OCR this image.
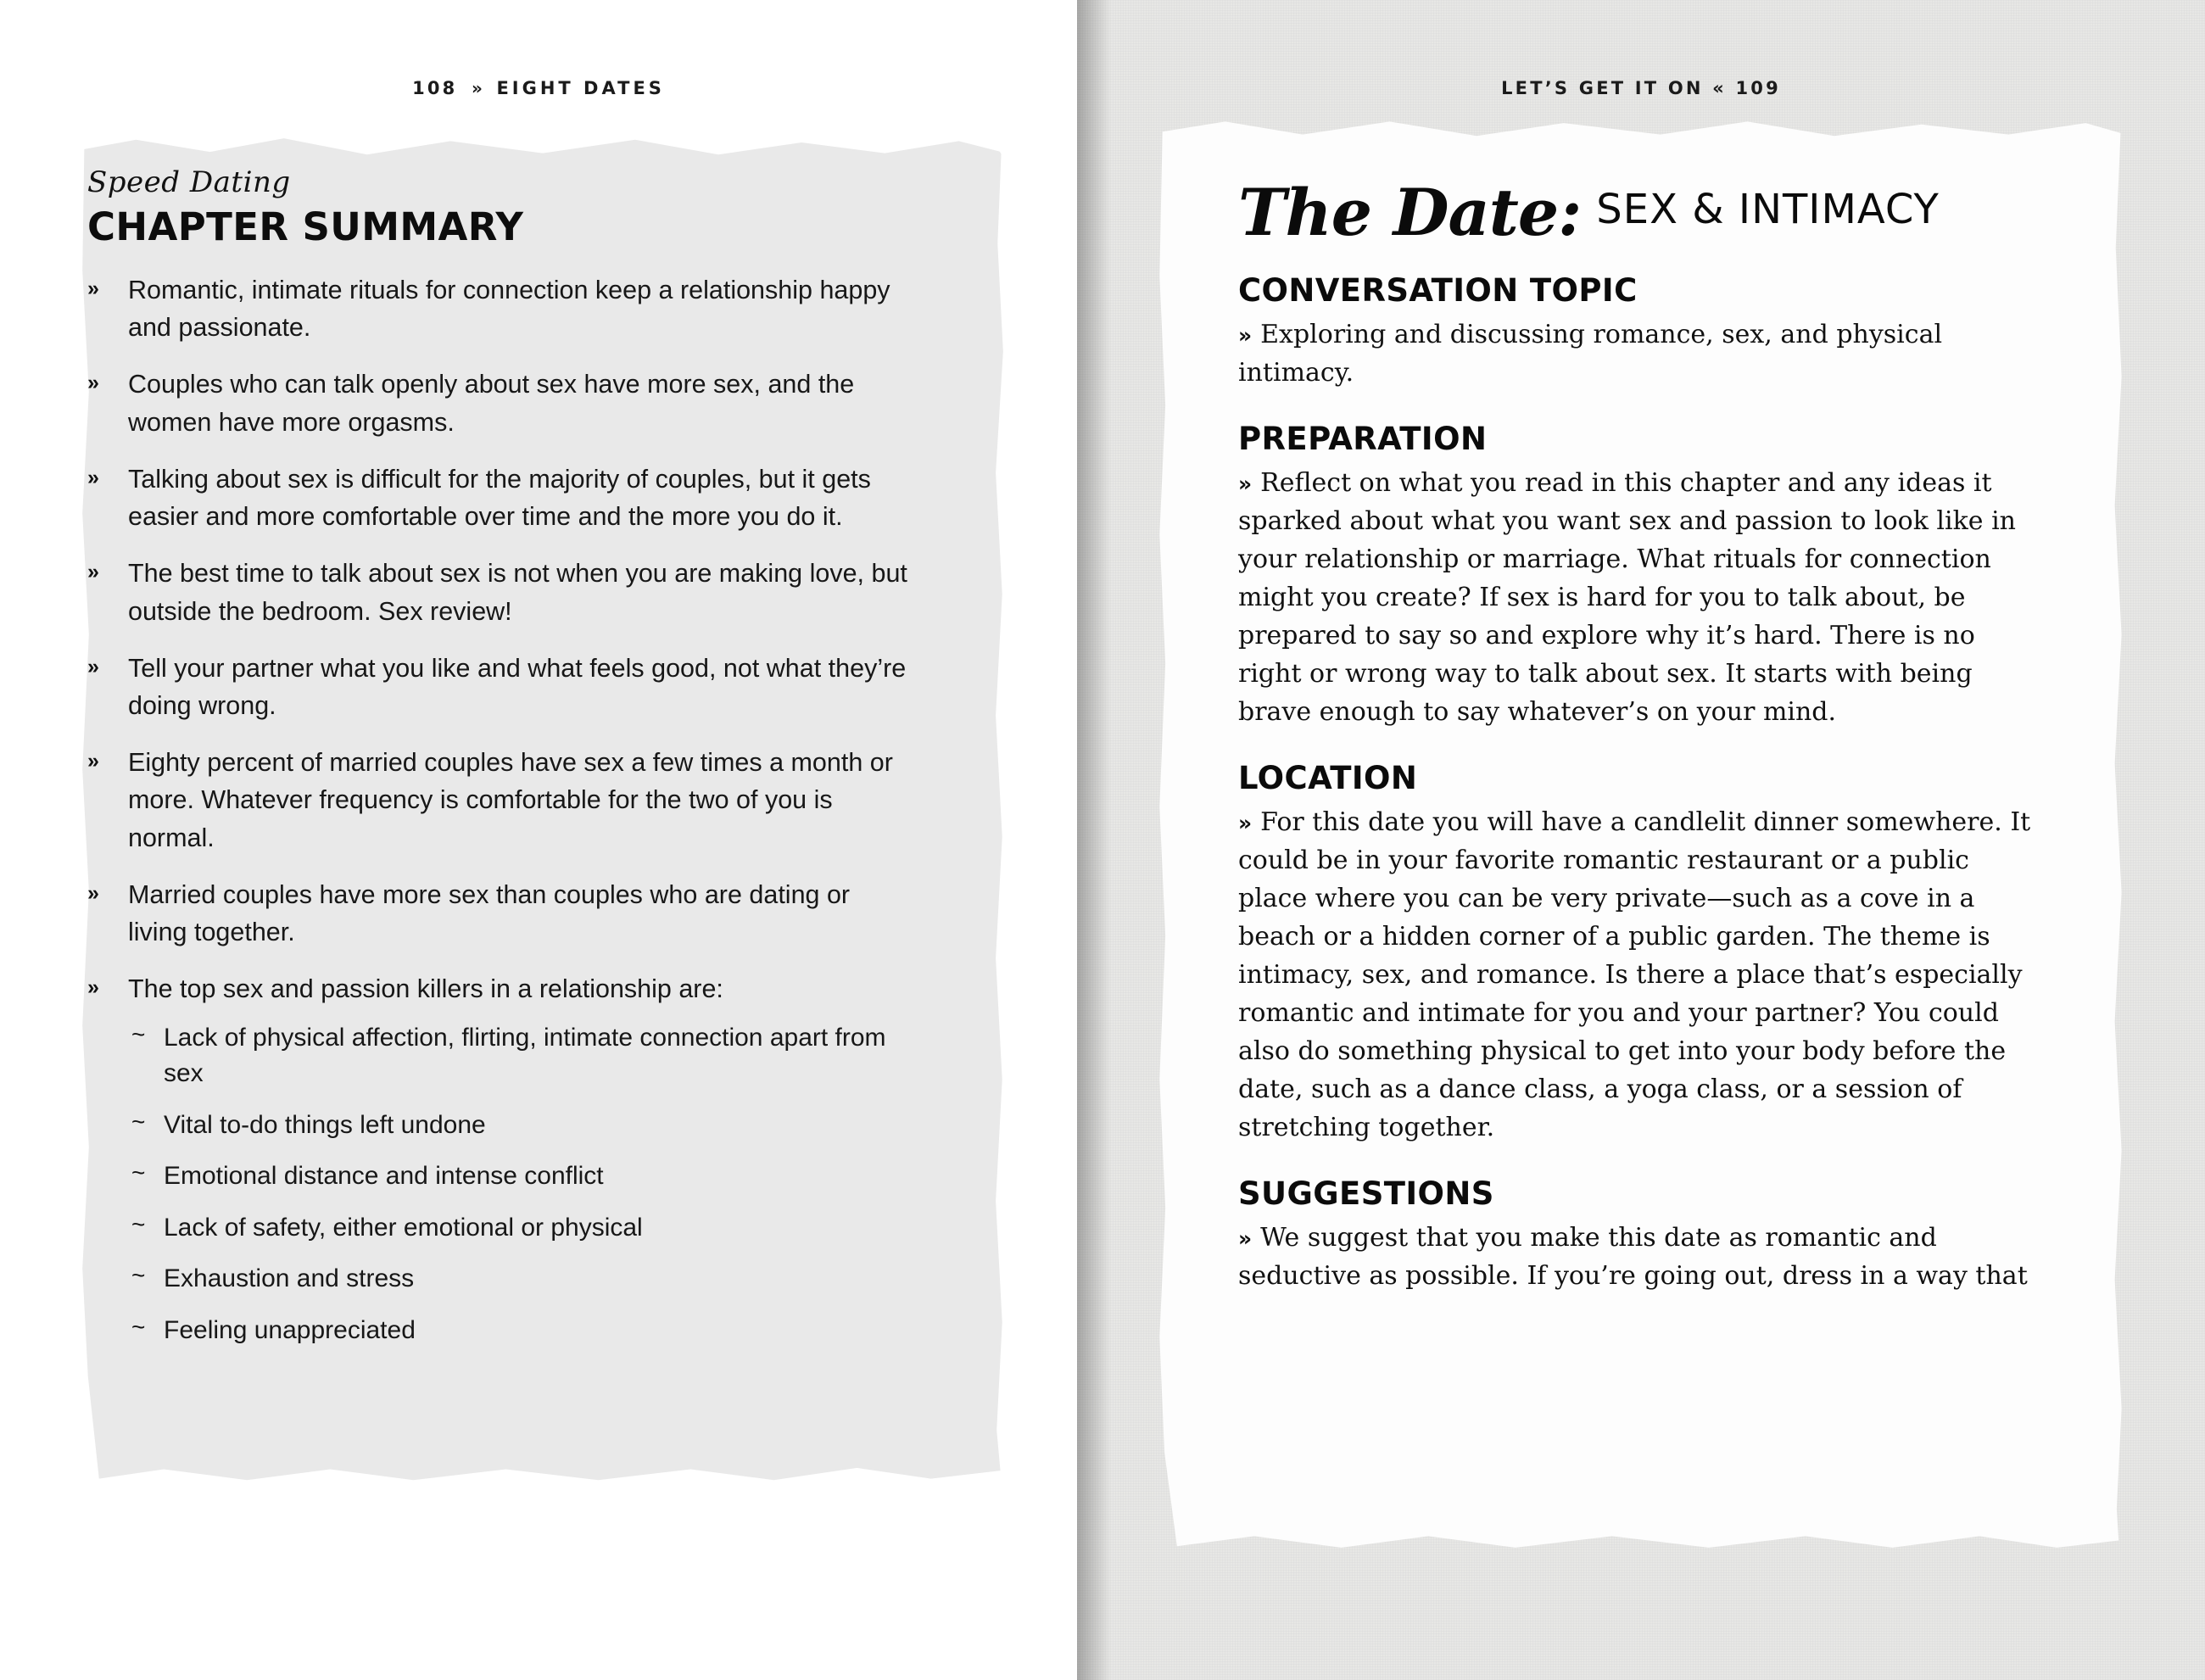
108 » EIGHT DATES
Speed Dating
CHAPTER SUMMARY
» Romantic, intimate rituals for connection keep a relationship happy and passionate.
» Couples who can talk openly about sex have more sex, and the women have more orgasms.
» Talking about sex is difficult for the majority of couples, but it gets easier and more comfortable over time and the more you do it.
» The best time to talk about sex is not when you are making love, but outside the bedroom. Sex review!
» Tell your partner what you like and what feels good, not what they’re doing wrong.
» Eighty percent of married couples have sex a few times a month or more. Whatever frequency is comfortable for the two of you is normal.
» Married couples have more sex than couples who are dating or living together.
» The top sex and passion killers in a relationship are:
~ Lack of physical affection, flirting, intimate connection apart from sex
~ Vital to-do things left undone
~ Emotional distance and intense conflict
~ Lack of safety, either emotional or physical
~ Exhaustion and stress
~ Feeling unappreciated
LET’S GET IT ON « 109
The Date: SEX & INTIMACY
CONVERSATION TOPIC

» Exploring and discussing romance, sex, and physical intimacy.

PREPARATION

» Reflect on what you read in this chapter and any ideas it sparked about what you want sex and passion to look like in your relationship or marriage. What rituals for connection might you create? If sex is hard for you to talk about, be prepared to say so and explore why it’s hard. There is no right or wrong way to talk about sex. It starts with being brave enough to say whatever’s on your mind.

LOCATION

» For this date you will have a candlelit dinner somewhere. It could be in your favorite romantic restaurant or a public place where you can be very private—such as a cove in a beach or a hidden corner of a public garden. The theme is intimacy, sex, and romance. Is there a place that’s especially romantic and intimate for you and your partner? You could also do something physical to get into your body before the date, such as a dance class, a yoga class, or a session of stretching together.

SUGGESTIONS

» We suggest that you make this date as romantic and seductive as possible. If you’re going out, dress in a way that
